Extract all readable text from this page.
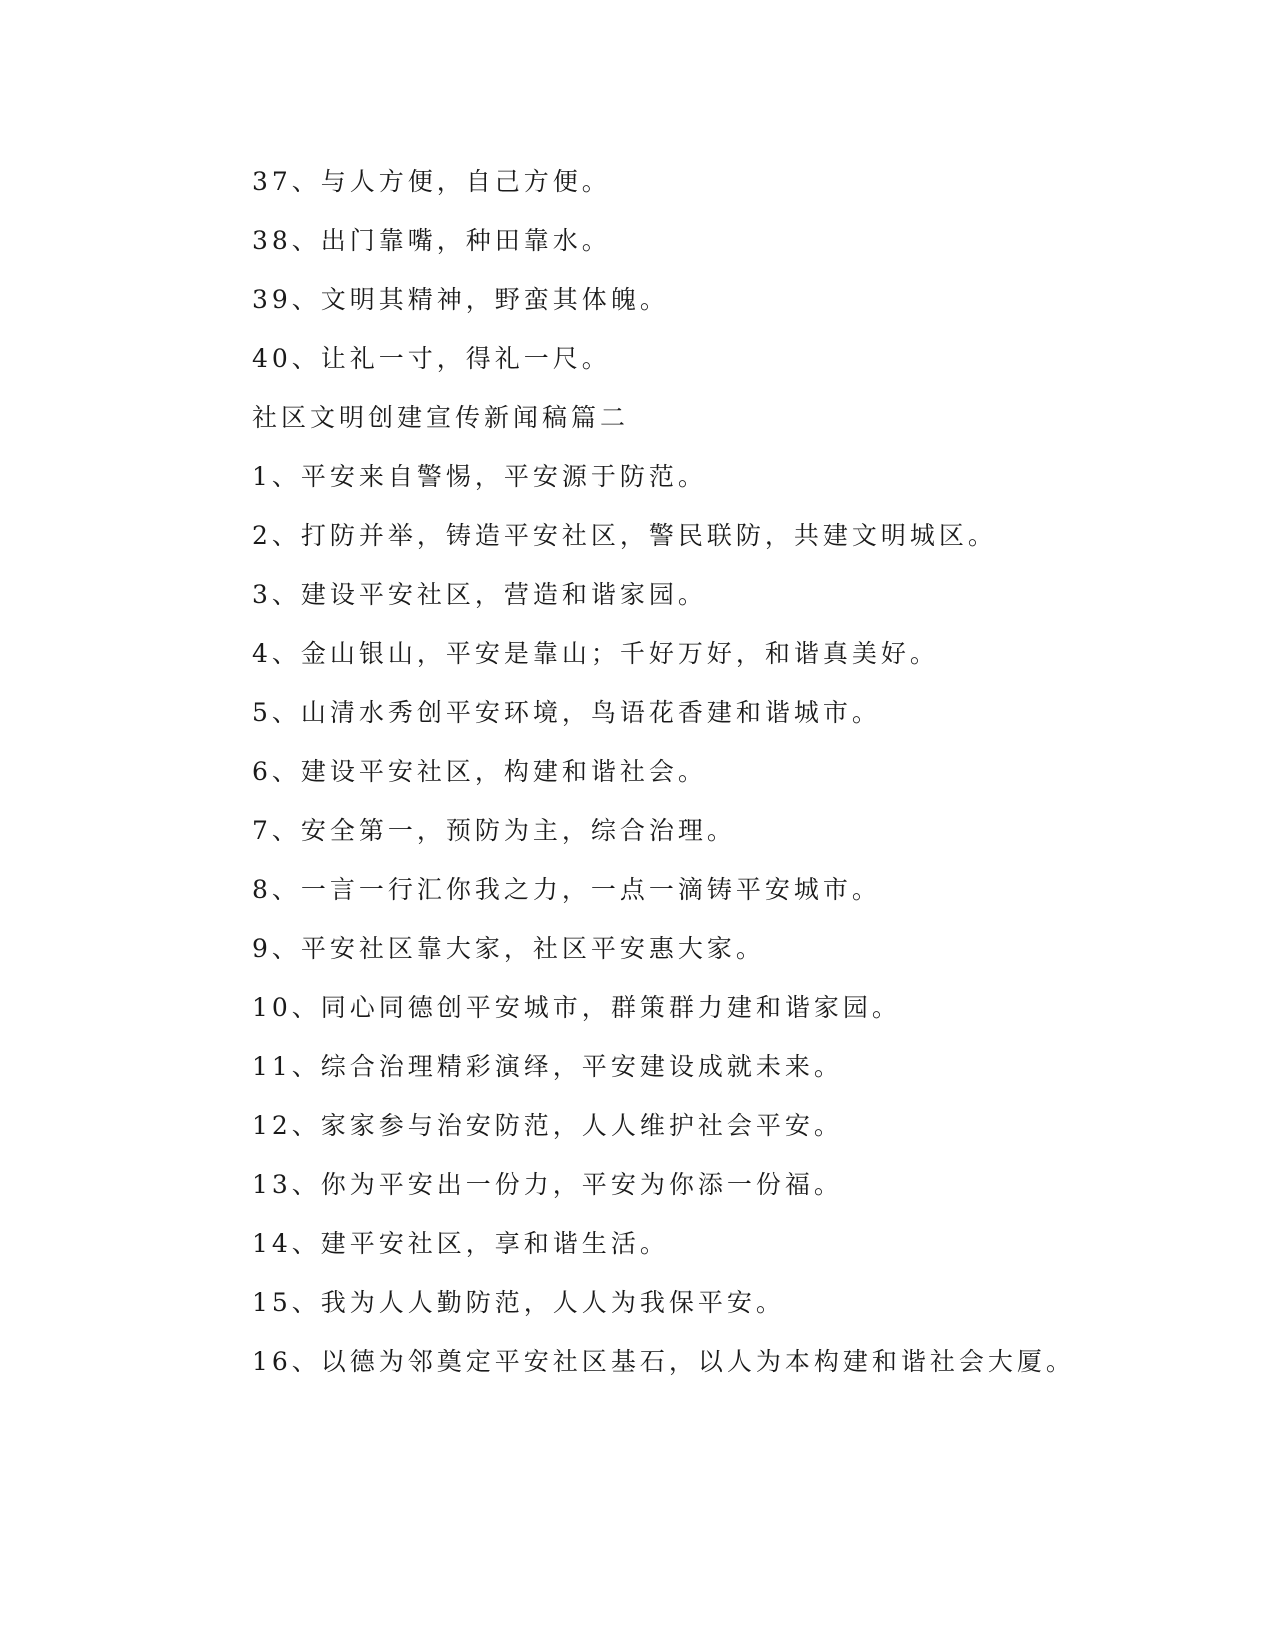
37、与人方便，自己方便。
38、出门靠嘴，种田靠水。
39、文明其精神，野蛮其体魄。
40、让礼一寸，得礼一尺。
社区文明创建宣传新闻稿篇二
1、平安来自警惕，平安源于防范。
2、打防并举，铸造平安社区，警民联防，共建文明城区。
3、建设平安社区，营造和谐家园。
4、金山银山，平安是靠山；千好万好，和谐真美好。
5、山清水秀创平安环境，鸟语花香建和谐城市。
6、建设平安社区，构建和谐社会。
7、安全第一，预防为主，综合治理。
8、一言一行汇你我之力，一点一滴铸平安城市。
9、平安社区靠大家，社区平安惠大家。
10、同心同德创平安城市，群策群力建和谐家园。
11、综合治理精彩演绎，平安建设成就未来。
12、家家参与治安防范，人人维护社会平安。
13、你为平安出一份力，平安为你添一份福。
14、建平安社区，享和谐生活。
15、我为人人勤防范，人人为我保平安。
16、以德为邻奠定平安社区基石，以人为本构建和谐社会大厦。
